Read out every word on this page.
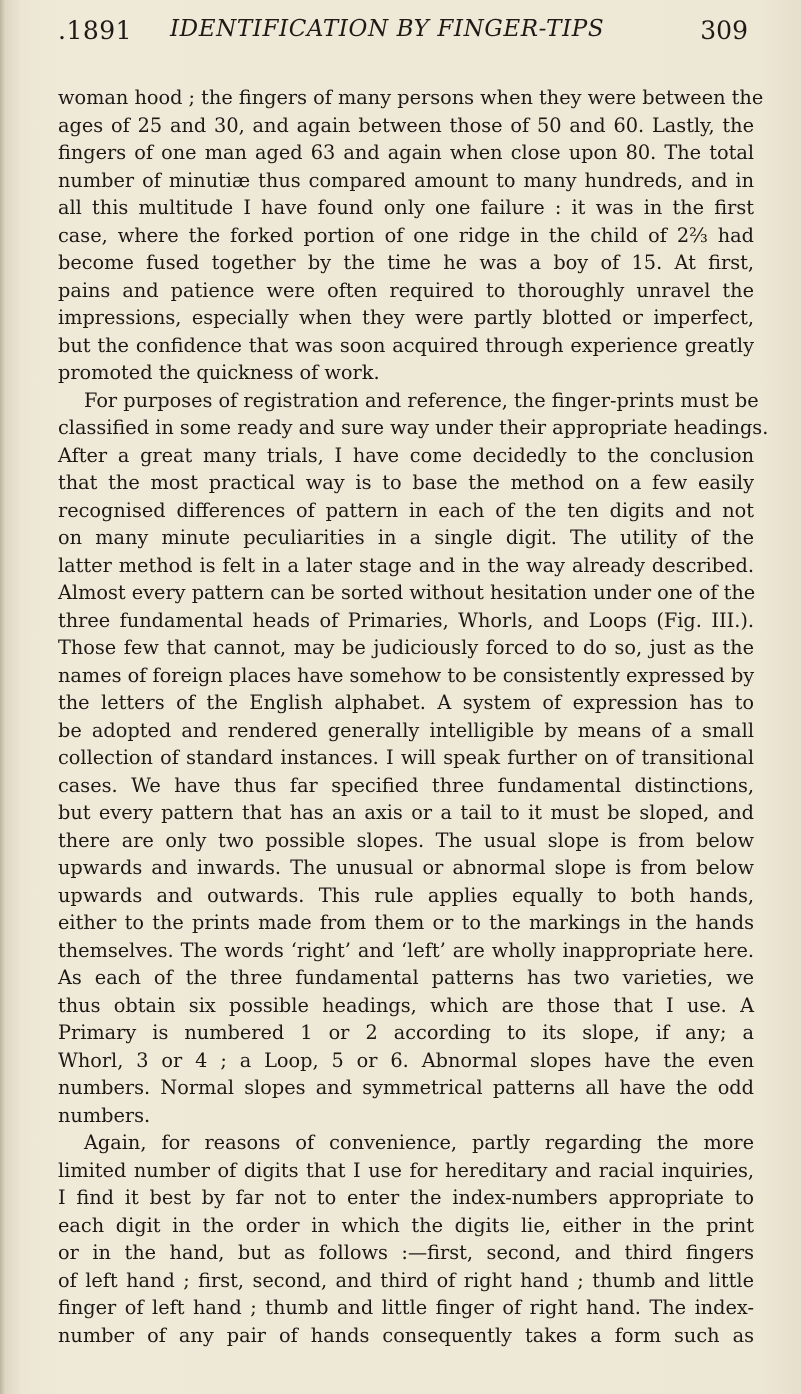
.1891 IDENTIFICATION BY FINGER-TIPS	309
woman hood ; the fingers of many persons when they were between the
ages of 25 and 30, and again between those of 50 and 60. Lastly, the
fingers of one man aged 63 and again when close upon 80. The total
number of minutiæ thus compared amount to many hundreds, and in
all this multitude I have found only one failure : it was in the first
case, where the forked portion of one ridge in the child of 2⅔ had
become fused together by the time he was a boy of 15. At first,
pains and patience were often required to thoroughly unravel the
impressions, especially when they were partly blotted or imperfect,
but the confidence that was soon acquired through experience greatly
promoted the quickness of work.
For purposes of registration and reference, the finger-prints must be
classified in some ready and sure way under their appropriate headings.
After a great many trials, I have come decidedly to the conclusion
that the most practical way is to base the method on a few easily
recognised differences of pattern in each of the ten digits and not
on many minute peculiarities in a single digit. The utility of the
latter method is felt in a later stage and in the way already described.
Almost every pattern can be sorted without hesitation under one of the
three fundamental heads of Primaries, Whorls, and Loops (Fig. III.).
Those few that cannot, may be judiciously forced to do so, just as the
names of foreign places have somehow to be consistently expressed by
the letters of the English alphabet. A system of expression has to
be adopted and rendered generally intelligible by means of a small
collection of standard instances. I will speak further on of transitional
cases. We have thus far specified three fundamental distinctions,
but every pattern that has an axis or a tail to it must be sloped, and
there are only two possible slopes. The usual slope is from below
upwards and inwards. The unusual or abnormal slope is from below
upwards and outwards. This rule applies equally to both hands,
either to the prints made from them or to the markings in the hands
themselves. The words ‘right’ and ‘left’ are wholly inappropriate here.
As each of the three fundamental patterns has two varieties, we
thus obtain six possible headings, which are those that I use. A
Primary is numbered 1 or 2 according to its slope, if any; a
Whorl, 3 or 4 ; a Loop, 5 or 6. Abnormal slopes have the even
numbers. Normal slopes and symmetrical patterns all have the odd
numbers.
Again, for reasons of convenience, partly regarding the more
limited number of digits that I use for hereditary and racial inquiries,
I find it best by far not to enter the index-numbers appropriate to
each digit in the order in which the digits lie, either in the print
or in the hand, but as follows :—first, second, and third fingers
of left hand ; first, second, and third of right hand ; thumb and little
finger of left hand ; thumb and little finger of right hand. The index-
number of any pair of hands consequently takes a form such as
